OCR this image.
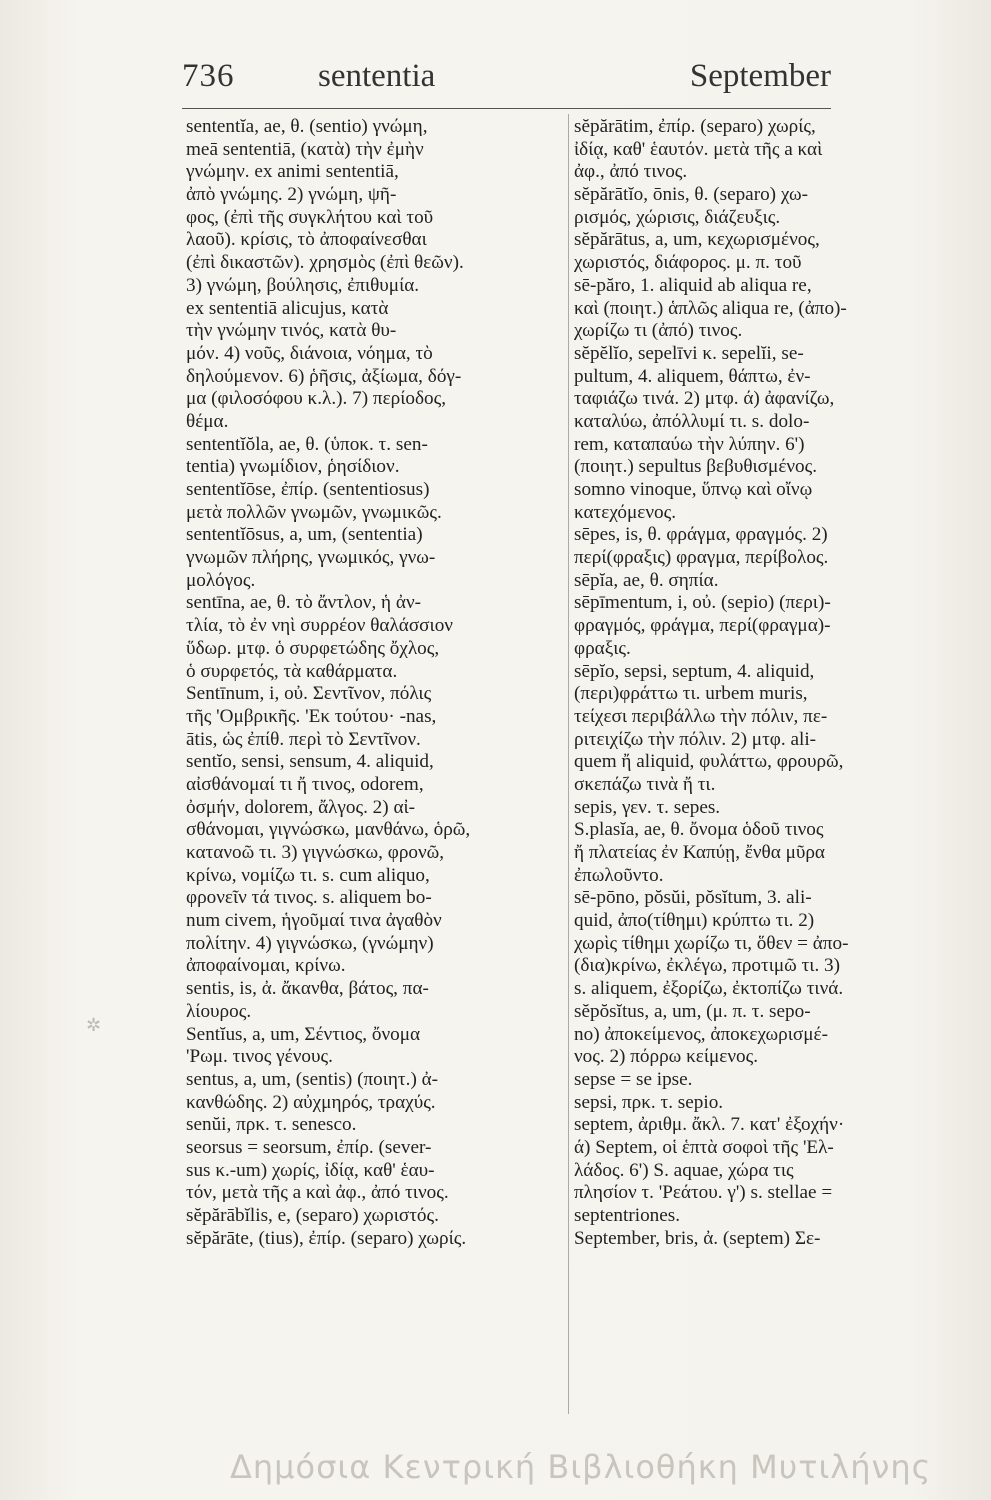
736	sententia	September
sententĭa, ae, θ. (sentio) γνώμη,
meā sententiā, (κατὰ) τὴν ἐμὴν
γνώμην. ex animi sententiā,
ἀπὸ γνώμης. 2) γνώμη, ψῆ-
φος, (ἐπὶ τῆς συγκλήτου καὶ τοῦ
λαοῦ). κρίσις, τὸ ἀποφαίνεσθαι
(ἐπὶ δικαστῶν). χρησμὸς (ἐπὶ θεῶν).
3) γνώμη, βούλησις, ἐπιθυμία.
ex sententiā alicujus, κατὰ
τὴν γνώμην τινός, κατὰ θυ-
μόν. 4) νοῦς, διάνοια, νόημα, τὸ
δηλούμενον. 6) ῥῆσις, ἀξίωμα, δόγ-
μα (φιλοσόφου κ.λ.). 7) περίοδος,
θέμα.
sententĭŏla, ae, θ. (ὑποκ. τ. sen-
tentia) γνωμίδιον, ῥησίδιον.
sententĭōse, ἐπίρ. (sententiosus)
μετὰ πολλῶν γνωμῶν, γνωμικῶς.
sententĭōsus, a, um, (sententia)
γνωμῶν πλήρης, γνωμικός, γνω-
μολόγος.
sentīna, ae, θ. τὸ ἄντλον, ἡ ἀν-
τλία, τὸ ἐν νηὶ συρρέον θαλάσσιον
ὕδωρ. μτφ. ὁ συρφετώδης ὄχλος,
ὁ συρφετός, τὰ καθάρματα.
Sentīnum, i, οὐ. Σεντῖνον, πόλις
τῆς 'Ομβρικῆς. 'Εκ τούτου· -nas,
ātis, ὡς ἐπίθ. περὶ τὸ Σεντῖνον.
sentĭo, sensi, sensum, 4. aliquid,
αἰσθάνομαί τι ἤ τινος, odorem,
ὀσμήν, dolorem, ἄλγος. 2) αἰ-
σθάνομαι, γιγνώσκω, μανθάνω, ὁρῶ,
κατανοῶ τι. 3) γιγνώσκω, φρονῶ,
κρίνω, νομίζω τι. s. cum aliquo,
φρονεῖν τά τινος. s. aliquem bo-
num civem, ἡγοῦμαί τινα ἀγαθὸν
πολίτην. 4) γιγνώσκω, (γνώμην)
ἀποφαίνομαι, κρίνω.
sentis, is, ἀ. ἄκανθα, βάτος, πα-
λίουρος.
Sentĭus, a, um, Σέντιος, ὄνομα
'Ρωμ. τινος γένους.
sentus, a, um, (sentis) (ποιητ.) ἀ-
κανθώδης. 2) αὐχμηρός, τραχύς.
senŭi, πρκ. τ. senesco.
seorsus = seorsum, ἐπίρ. (sever-
sus κ.-um) χωρίς, ἰδίᾳ, καθ' ἑαυ-
τόν, μετὰ τῆς a καὶ ἀφ., ἀπό τινος.
sĕpărābĭlis, e, (separo) χωριστός.
sĕpărāte, (tius), ἐπίρ. (separo) χωρίς.
sĕpărātim, ἐπίρ. (separo) χωρίς,
ἰδίᾳ, καθ' ἑαυτόν. μετὰ τῆς a καὶ
ἀφ., ἀπό τινος.
sĕpărātĭo, ōnis, θ. (separo) χω-
ρισμός, χώρισις, διάζευξις.
sĕpărātus, a, um, κεχωρισμένος,
χωριστός, διάφορος. μ. π. τοῦ
sē-păro, 1. aliquid ab aliqua re,
καὶ (ποιητ.) ἁπλῶς aliqua re, (ἀπο)-
χωρίζω τι (ἀπό) τινος.
sĕpĕlĭo, sepelīvi κ. sepelĭi, se-
pultum, 4. aliquem, θάπτω, ἐν-
ταφιάζω τινά. 2) μτφ. ά) ἀφανίζω,
καταλύω, ἀπόλλυμί τι. s. dolo-
rem, καταπαύω τὴν λύπην. 6')
(ποιητ.) sepultus βεβυθισμένος.
somno vinoque, ὕπνῳ καὶ οἴνῳ
κατεχόμενος.
sēpes, is, θ. φράγμα, φραγμός. 2)
περί(φραξις) φραγμα, περίβολος.
sēpĭa, ae, θ. σηπία.
sēpīmentum, i, οὐ. (sepio) (περι)-
φραγμός, φράγμα, περί(φραγμα)-
φραξις.
sēpĭo, sepsi, septum, 4. aliquid,
(περι)φράττω τι. urbem muris,
τείχεσι περιβάλλω τὴν πόλιν, πε-
ριτειχίζω τὴν πόλιν. 2) μτφ. ali-
quem ἤ aliquid, φυλάττω, φρουρῶ,
σκεπάζω τινὰ ἤ τι.
sepis, γεν. τ. sepes.
S.plasĭa, ae, θ. ὄνομα ὁδοῦ τινος
ἤ πλατείας ἐν Καπύῃ, ἔνθα μῦρα
ἐπωλοῦντο.
sē-pōno, pŏsŭi, pŏsĭtum, 3. ali-
quid, ἀπο(τίθημι) κρύπτω τι. 2)
χωρὶς τίθημι χωρίζω τι, ὅθεν = ἀπο-
(δια)κρίνω, ἐκλέγω, προτιμῶ τι. 3)
s. aliquem, ἐξορίζω, ἐκτοπίζω τινά.
sĕpŏsĭtus, a, um, (μ. π. τ. sepo-
no) ἀποκείμενος, ἀποκεχωρισμέ-
νος. 2) πόρρω κείμενος.
sepse = se ipse.
sepsi, πρκ. τ. sepio.
septem, ἀριθμ. ἄκλ. 7. κατ' ἐξοχήν·
ά) Septem, οἱ ἑπτὰ σοφοὶ τῆς 'Ελ-
λάδος. 6') S. aquae, χώρα τις
πλησίον τ. 'Ρεάτου. γ') s. stellae =
septentriones.
September, bris, ἀ. (septem) Σε-
✲
Δημόσια Κεντρική Βιβλιοθήκη Μυτιλήνης
